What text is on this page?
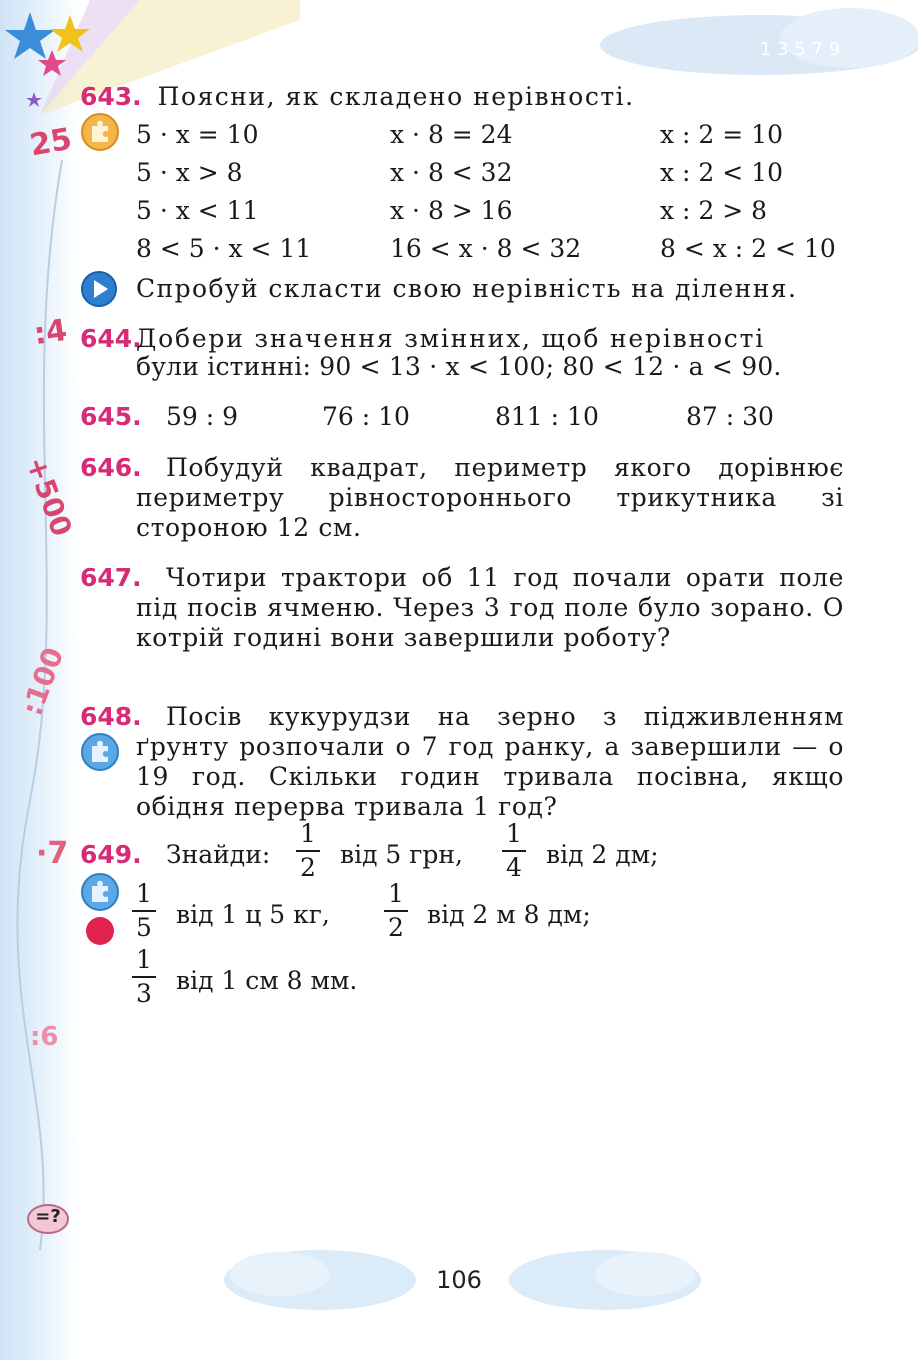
1 3 5 7 9
25
:4
+500
:100
·7
:6
643. Поясни, як складено нерівності.
5 · x = 10	x · 8 = 24	x : 2 = 10
5 · x > 8	x · 8 < 32	x : 2 < 10
5 · x < 11	x · 8 > 16	x : 2 > 8
8 < 5 · x < 11	16 < x · 8 < 32	8 < x : 2 < 10
Спробуй скласти свою нерівність на ділення.
644.
Добери значення змінних, щоб нерівності
були істинні: 90 < 13 · x < 100; 80 < 12 · a < 90.
645. 59 : 9	76 : 10	811 : 10	87 : 30
646. Побудуй квадрат, периметр якого дорівнює периметру рівностороннього трикутника зі стороною 12 см.
647. Чотири трактори об 11 год почали орати поле під посів ячменю. Через 3 год поле було зорано. О котрій годині вони завершили роботу?
648. Посів кукурудзи на зерно з підживленням ґрунту розпочали о 7 год ранку, а завершили — о 19 год. Скільки годин тривала посівна, якщо обідня перерва тривала 1 год?
649. Знайди:
1
2 від 5 грн,
1
4 від 2 дм;
1
5 від 1 ц 5 кг,
1
2 від 2 м 8 дм;
1
3 від 1 см 8 мм.
=?
106
